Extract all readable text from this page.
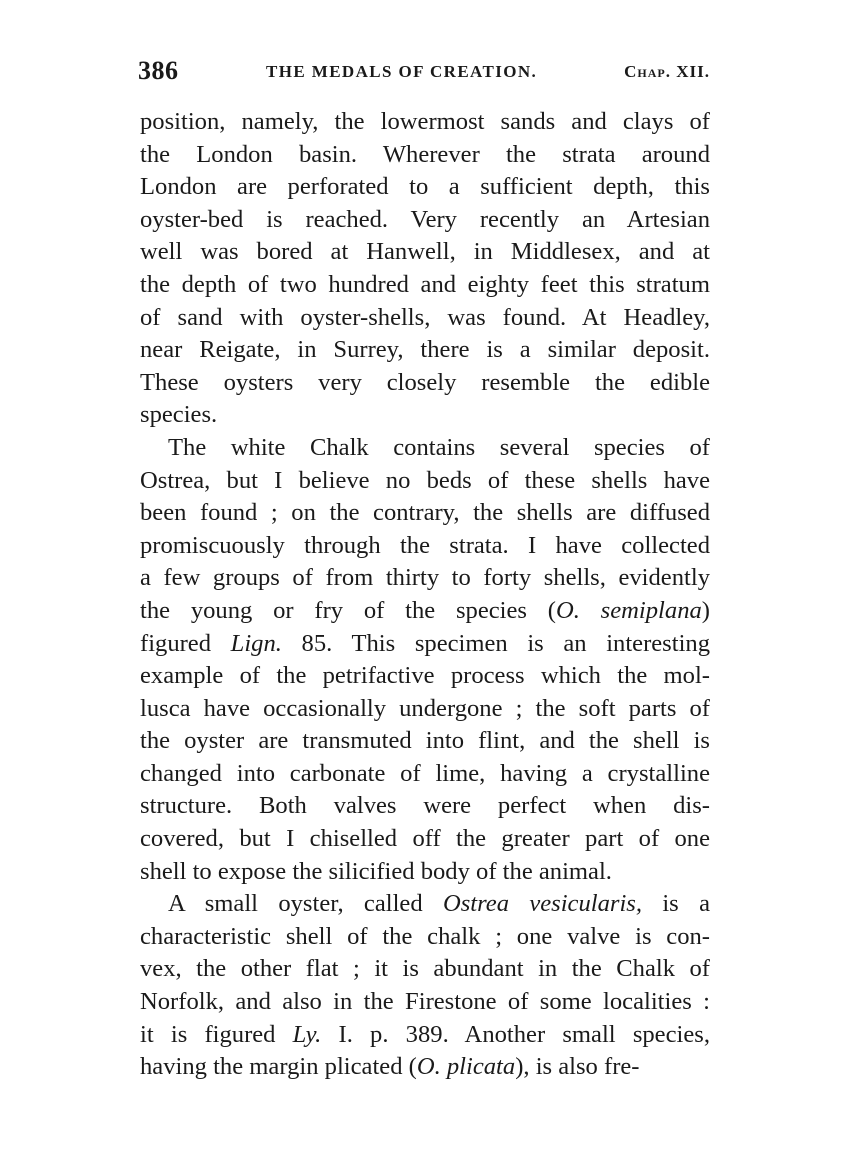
386	THE MEDALS OF CREATION.	Chap. XII.
position, namely, the lowermost sands and clays of
the London basin. Wherever the strata around
London are perforated to a sufficient depth, this
oyster-bed is reached. Very recently an Artesian
well was bored at Hanwell, in Middlesex, and at
the depth of two hundred and eighty feet this stratum
of sand with oyster-shells, was found. At Headley,
near Reigate, in Surrey, there is a similar deposit.
These oysters very closely resemble the edible
species.
The white Chalk contains several species of
Ostrea, but I believe no beds of these shells have
been found ; on the contrary, the shells are diffused
promiscuously through the strata. I have collected
a few groups of from thirty to forty shells, evidently
the young or fry of the species (O. semiplana)
figured Lign. 85. This specimen is an interesting
example of the petrifactive process which the mol-
lusca have occasionally undergone ; the soft parts of
the oyster are transmuted into flint, and the shell is
changed into carbonate of lime, having a crystalline
structure. Both valves were perfect when dis-
covered, but I chiselled off the greater part of one
shell to expose the silicified body of the animal.
A small oyster, called Ostrea vesicularis, is a
characteristic shell of the chalk ; one valve is con-
vex, the other flat ; it is abundant in the Chalk of
Norfolk, and also in the Firestone of some localities :
it is figured Ly. I. p. 389. Another small species,
having the margin plicated (O. plicata), is also fre-
